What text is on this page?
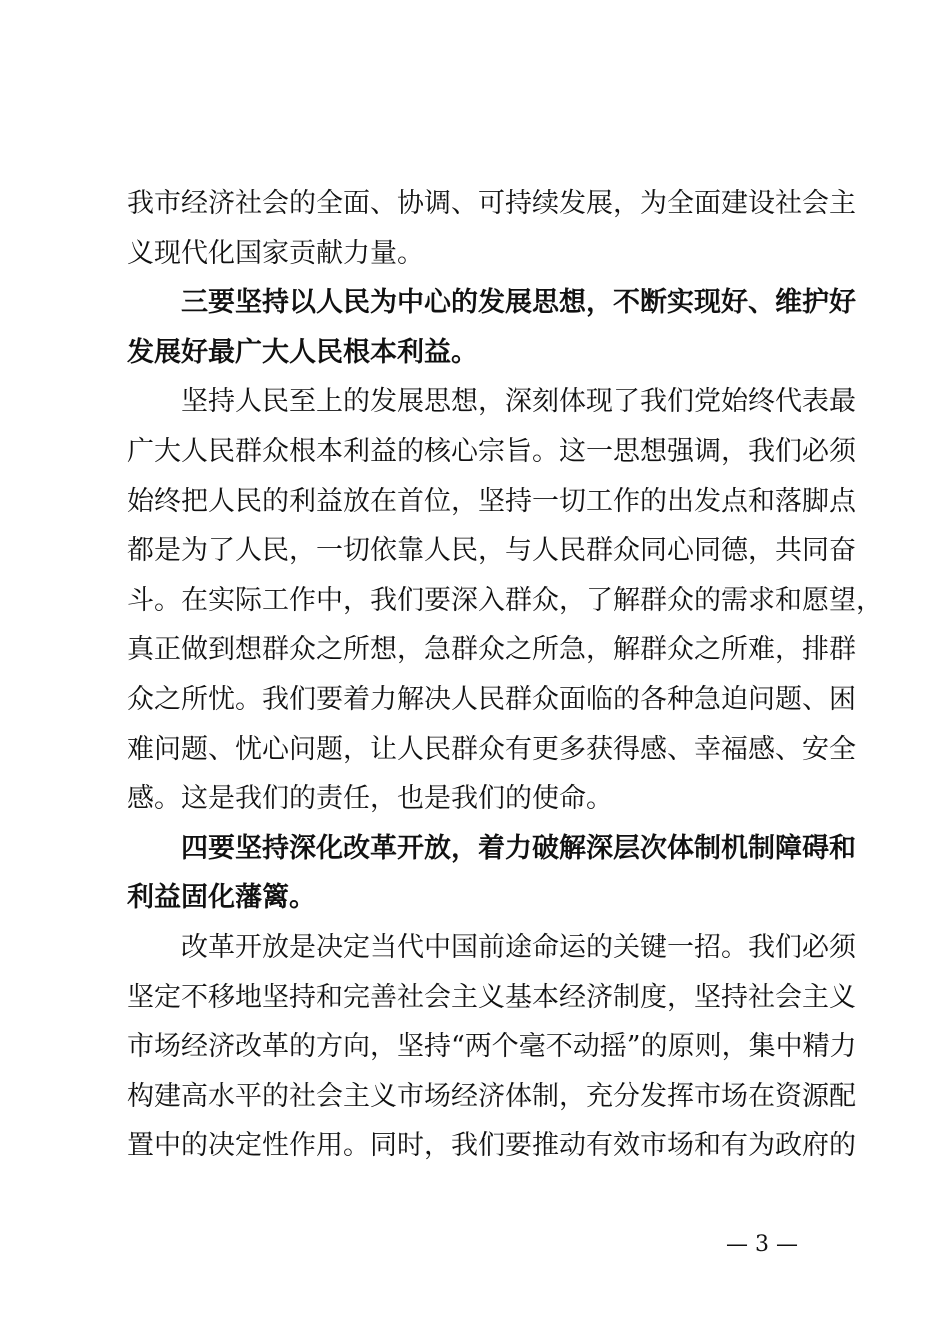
我市经济社会的全面、协调、可持续发展，为全面建设社会主
义现代化国家贡献力量。
三要坚持以人民为中心的发展思想，不断实现好、维护好
发展好最广大人民根本利益。
坚持人民至上的发展思想，深刻体现了我们党始终代表最
广大人民群众根本利益的核心宗旨。这一思想强调，我们必须
始终把人民的利益放在首位，坚持一切工作的出发点和落脚点
都是为了人民，一切依靠人民，与人民群众同心同德，共同奋
斗。在实际工作中，我们要深入群众，了解群众的需求和愿望，
真正做到想群众之所想，急群众之所急，解群众之所难，排群
众之所忧。我们要着力解决人民群众面临的各种急迫问题、困
难问题、忧心问题，让人民群众有更多获得感、幸福感、安全
感。这是我们的责任，也是我们的使命。
四要坚持深化改革开放，着力破解深层次体制机制障碍和
利益固化藩篱。
改革开放是决定当代中国前途命运的关键一招。我们必须
坚定不移地坚持和完善社会主义基本经济制度，坚持社会主义
市场经济改革的方向，坚持“两个毫不动摇”的原则，集中精力
构建高水平的社会主义市场经济体制，充分发挥市场在资源配
置中的决定性作用。同时，我们要推动有效市场和有为政府的
— 3 —
